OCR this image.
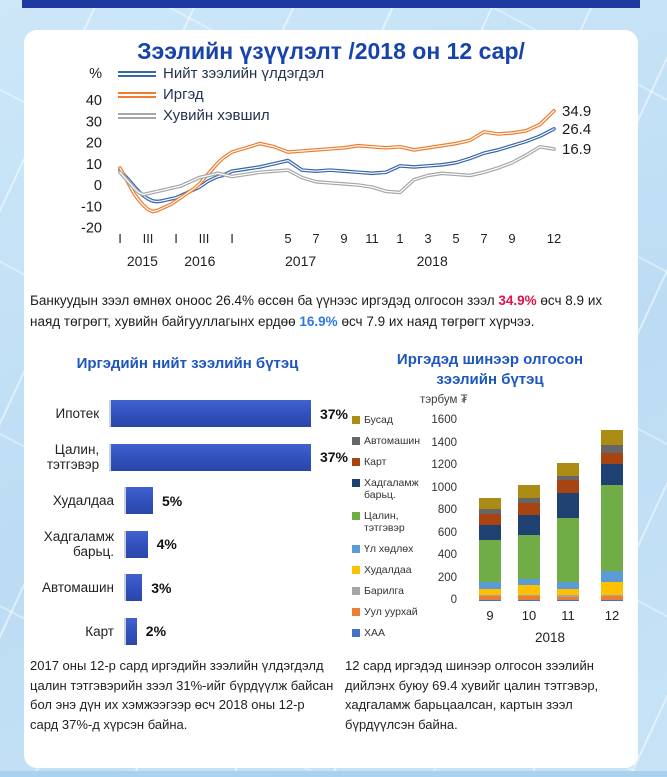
Зээлийн үзүүлэлт /2018 он 12 сар/
%
40
30
20
10
0
-10
-20
I III I III I	5 7 9 11 1 3 5 7 9 12
2015 2016	2017	2018
26.4
34.9
16.9
Нийт зээлийн үлдэгдэл
Иргэд
Хувийн хэвшил

Банкуудын зээл өмнөх оноос 26.4% өссөн ба үүнээс иргэдэд олгосон зээл 34.9% өсч 8.9 их наяд төгрөгт, хувийн байгууллагынх ердөө 16.9% өсч 7.9 их наяд төгрөгт хүрчээ.

Иргэдийн нийт зээлийн бүтэц
Ипотек	37%
Цалин, тэтгэвэр	37%
Худалдаа	5%
Хадгаламж барьц.	4%
Автомашин	3%
Карт	2%
Иргэдэд шинээр олгосон зээлийн бүтэц
тэрбум ₮
Бусад
Автомашин
Карт
Хадгаламж барьц.
Цалин, тэтгэвэр
Үл хөдлөх
Худалдаа
Барилга
Уул уурхай
ХАА
1600
1400
1200
1000
800
600
400
200
0
9	10	11	12
2018

2017 оны 12-р сард иргэдийн зээлийн үлдэгдэлд цалин тэтгэвэрийн зээл 31%-ийг бүрдүүлж байсан бол энэ дүн их хэмжээгээр өсч 2018 оны 12-р сард 37%-д хүрсэн байна.

12 сард иргэдэд шинээр олгосон зээлийн дийлэнх буюу 69.4 хувийг цалин тэтгэвэр, хадгаламж барьцаалсан, картын зээл бүрдүүлсэн байна.
